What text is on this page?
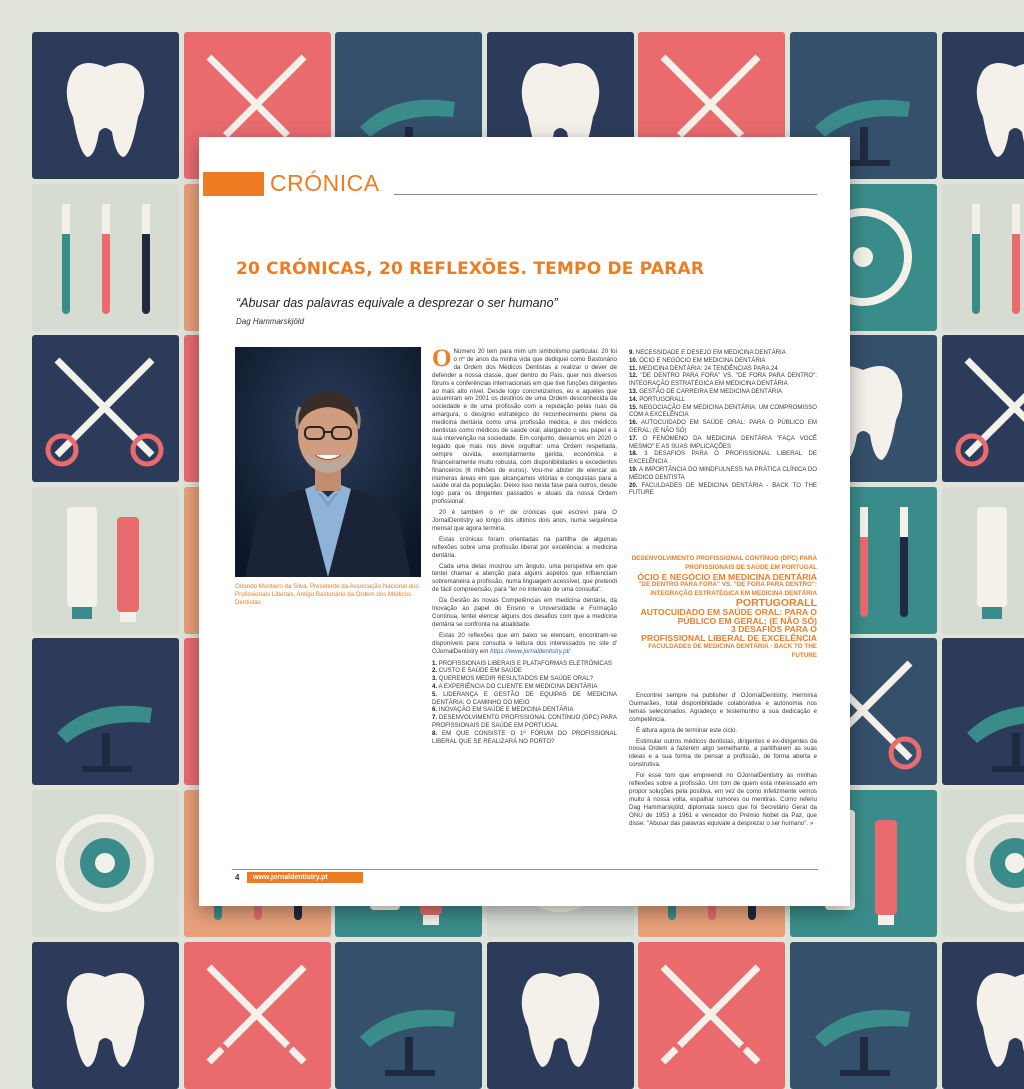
CRÓNICA
20 CRÓNICAS, 20 REFLEXÕES. TEMPO DE PARAR
“Abusar das palavras equivale a desprezar o ser humano”
Dag Hammarskjöld
Orlando Monteiro da Silva, Presidente da Associação Nacional dos Profissionais Liberais, Antigo Bastonário da Ordem dos Médicos Dentistas

O Número 20 tem para mim um simbolismo particular. 20 foi o nº de anos da minha vida que dediquei como Bastonário da Ordem dos Médicos Dentistas a realizar o dever de defender a nossa classe, quer dentro do País, quer nos diversos fóruns e conferências internacionais em que tive funções dirigentes ao mais alto nível. Desde logo concretizamos, eu e aqueles que assumiram em 2001 os destinos de uma Ordem desconhecida da sociedade e de uma profissão com a reputação pelas ruas da amargura, o desígnio estratégico do reconhecimento pleno da medicina dentária como uma profissão médica, e dos médicos dentistas como médicos de saúde oral, alargando o seu papel e a sua intervenção na sociedade. Em conjunto, deixamos em 2020 o legado que mais nos deve orgulhar: uma Ordem respeitada, sempre ouvida, exemplarmente gerida, económica e financeiramente muito robusta, com disponibilidades e excedentes financeiros (6 milhões de euros). Vou-me abster de elencar as inúmeras áreas em que alcançamos vitórias e conquistas para a saúde oral da população. Deixo isso nesta fase para outros, desde logo para os dirigentes passados e atuais da nossa Ordem profissional.

20 é também o nº de crónicas que escrevi para O JornalDentistry ao longo dos últimos dois anos, numa sequência mensal que agora termina.

Estas crónicas foram orientadas na partilha de algumas reflexões sobre uma profissão liberal por excelência: a medicina dentária.

Cada uma delas mostrou um ângulo, uma perspetiva em que tentei chamar a atenção para alguns aspetos que influenciam sobremaneira a profissão, numa linguagem acessível, que pretendi de fácil compreensão, para "ler no intervalo de uma consulta".

Da Gestão às novas Competências em medicina dentária, da Inovação ao papel do Ensino e Universidade e Formação Contínua, tentei elencar alguns dos desafios com que a medicina dentária se confronta na atualidade.

Estas 20 reflexões que em baixo se elencam, encontram-se disponíveis para consulta e leitura dos interessados no site d' OJornalDentistry em https://www.jornaldentistry.pt/

1. PROFISSIONAIS LIBERAIS E PLATAFORMAS ELETRÓNICAS
2. CUSTO E SAÚDE EM SAÚDE
3. QUEREMOS MEDIR RESULTADOS EM SAÚDE ORAL?
4. A EXPERIÊNCIA DO CLIENTE EM MEDICINA DENTÁRIA
5. LIDERANÇA E GESTÃO DE EQUIPAS DE MEDICINA DENTÁRIA: O CAMINHO DO MEIO
6. INOVAÇÃO EM SAÚDE E MEDICINA DENTÁRIA
7. DESENVOLVIMENTO PROFISSIONAL CONTÍNUO (DPC) PARA PROFISSIONAIS DE SAÚDE EM PORTUGAL
8. EM QUE CONSISTE O 1º FÓRUM DO PROFISSIONAL LIBERAL QUE SE REALIZARÁ NO PORTO?
9. NECESSIDADE E DESEJO EM MEDICINA DENTÁRIA
10. ÓCIO E NEGÓCIO EM MEDICINA DENTÁRIA
11. MEDICINA DENTÁRIA: 24 TENDÊNCIAS PARA 24
12. "DE DENTRO PARA FORA" VS. "DE FORA PARA DENTRO": INTEGRAÇÃO ESTRATÉGICA EM MEDICINA DENTÁRIA
13. GESTÃO DE CARREIRA EM MEDICINA DENTÁRIA
14. PORTUGORALL
15. NEGOCIAÇÃO EM MEDICINA DENTÁRIA: UM COMPROMISSO COM A EXCELÊNCIA
16. AUTOCUIDADO EM SAÚDE ORAL: PARA O PÚBLICO EM GERAL; (E NÃO SÓ)
17. O FENÓMENO DA MEDICINA DENTÁRIA "FAÇA VOCÊ MESMO" E AS SUAS IMPLICAÇÕES
18. 3 DESAFIOS PARA O PROFISSIONAL LIBERAL DE EXCELÊNCIA
19. A IMPORTÂNCIA DO MINDFULNESS NA PRÁTICA CLÍNICA DO MÉDICO DENTISTA
20. FACULDADES DE MEDICINA DENTÁRIA - BACK TO THE FUTURE
DESENVOLVIMENTO PROFISSIONAL CONTÍNUO (DPC) PARA
PROFISSIONAIS DE SAÚDE EM PORTUGAL
ÓCIO E NEGÓCIO EM MEDICINA DENTÁRIA
"DE DENTRO PARA FORA" VS. "DE FORA PARA DENTRO":
INTEGRAÇÃO ESTRATÉGICA EM MEDICINA DENTÁRIA
PORTUGORALL
AUTOCUIDADO EM SAÚDE ORAL: PARA O
PÚBLICO EM GERAL; (E NÃO SÓ)
3 DESAFIOS PARA O
PROFISSIONAL LIBERAL DE EXCELÊNCIA
FACULDADES DE MEDICINA DENTÁRIA - BACK TO THE FUTURE

Encontrei sempre na publisher d' OJornalDentistry, Herminia Guimarães, total disponibilidade colaborativa e autonomia nos temas selecionados. Agradeço e testemunho a sua dedicação e competência.

É altura agora de terminar este ciclo.

Estimular outros médicos dentistas, dirigentes e ex-dirigentes da nossa Ordem a fazerem algo semelhante, a partilharem as suas ideias e a sua forma de pensar a profissão, de forma aberta e construtiva.

Foi esse tom que empreendi no OJornalDentistry às minhas reflexões sobre a profissão. Um tom de quem está interessado em propor soluções pela positiva, em vez de como infelizmente vemos muito à nossa volta, espalhar rumores ou mentiras. Como referiu Dag Hammarskjöld, diplomata sueco que foi Secretário Geral da ONU de 1953 a 1961 e vencedor do Prémio Nobel da Paz, que disse: "Abusar das palavras equivale a desprezar o ser humano". »

4	www.jornaldentistry.pt
